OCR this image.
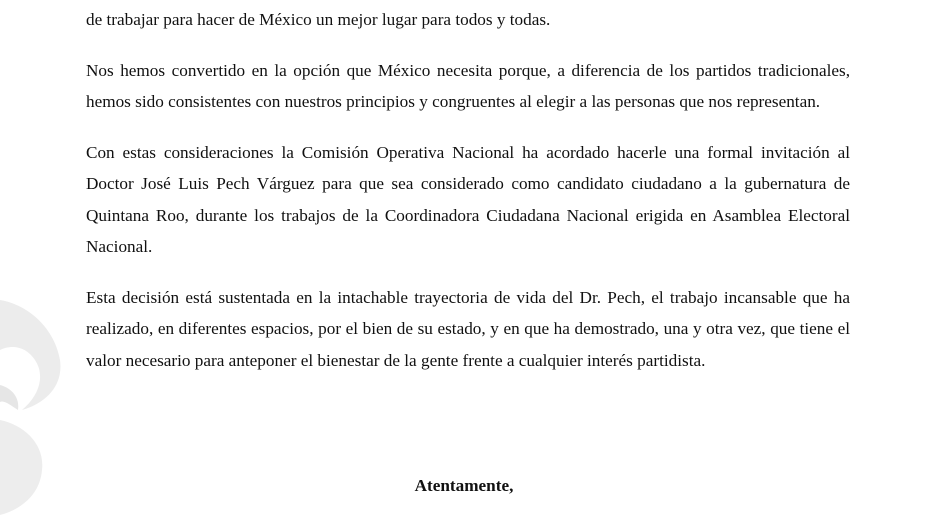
de trabajar para hacer de México un mejor lugar para todos y todas.

Nos hemos convertido en la opción que México necesita porque, a diferencia de los partidos tradicionales, hemos sido consistentes con nuestros principios y congruentes al elegir a las personas que nos representan.

Con estas consideraciones la Comisión Operativa Nacional ha acordado hacerle una formal invitación al Doctor José Luis Pech Várguez para que sea considerado como candidato ciudadano a la gubernatura de Quintana Roo, durante los trabajos de la Coordinadora Ciudadana Nacional erigida en Asamblea Electoral Nacional.

Esta decisión está sustentada en la intachable trayectoria de vida del Dr. Pech, el trabajo incansable que ha realizado, en diferentes espacios, por el bien de su estado, y en que ha demostrado, una y otra vez, que tiene el valor necesario para anteponer el bienestar de la gente frente a cualquier interés partidista.

Atentamente,
